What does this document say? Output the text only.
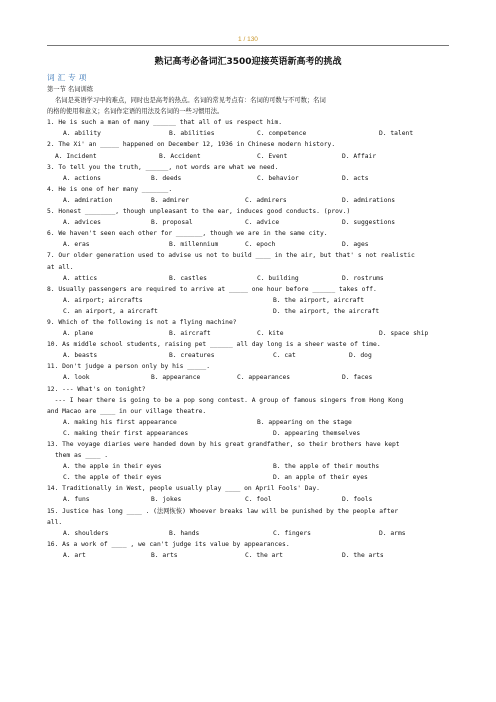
1 / 130
熟记高考必备词汇3500迎接英语新高考的挑战
词汇专项
第一节 名词训练
名词是英语学习中的难点，同时也是高考的热点。名词的常见考点有：名词的可数与不可数；名词
的格的使用和意义；名词作定语的用法及名词的一些习惯用法。
1. He is such a man of many ______ that all of us respect him.
A. ability	B. abilities	C. competence	D. talent
2. The Xi' an _____ happened on December 12, 1936 in Chinese modern history.
A. Incident	B. Accident	C. Event	D. Affair
3. To tell you the truth, ______, not words are what we need.
A. actions	B. deeds	C. behavior	D. acts
4. He is one of her many _______.
A. admiration	B. admirer	C. admirers	D. admirations
5. Honest ________, though unpleasant to the ear, induces good conducts. (prov.)
A. advices	B. proposal	C. advice	D. suggestions
6. We haven't seen each other for _______, though we are in the same city.
A. eras	B. millennium	C. epoch	D. ages
7. Our older generation used to advise us not to build ____ in the air, but that' s not realistic
at all.
A. attics	B. castles	C. building	D. rostrums
8. Usually passengers are required to arrive at _____ one hour before ______ takes off.
A. airport; aircrafts	B. the airport, aircraft
C. an airport, a aircraft	D. the airport, the aircraft
9. Which of the following is not a flying machine?
A. plane	B. aircraft	C. kite	D. space ship
10. As middle school students, raising pet ______ all day long is a sheer waste of time.
A. beasts	B. creatures	C. cat	D. dog
11. Don't judge a person only by his _____.
A. look	B. appearance	C. appearances	D. faces
12. --- What's on tonight?
--- I hear there is going to be a pop song contest. A group of famous singers from Hong Kong
and Macao are ____ in our village theatre.
A. making his first appearance	B. appearing on the stage
C. making their first appearances	D. appearing themselves
13. The voyage diaries were handed down by his great grandfather, so their brothers have kept
them as ____ .
A. the apple in their eyes	B. the apple of their mouths
C. the apple of their eyes	D. an apple of their eyes
14. Traditionally in West, people usually play ____ on April Fools' Day.
A. funs	B. jokes	C. fool	D. fools
15. Justice has long ____ . (法网恢恢) Whoever breaks law will be punished by the people after
all.
A. shoulders	B. hands	C. fingers	D. arms
16. As a work of ____ , we can't judge its value by appearances.
A. art	B. arts	C. the art	D. the arts
